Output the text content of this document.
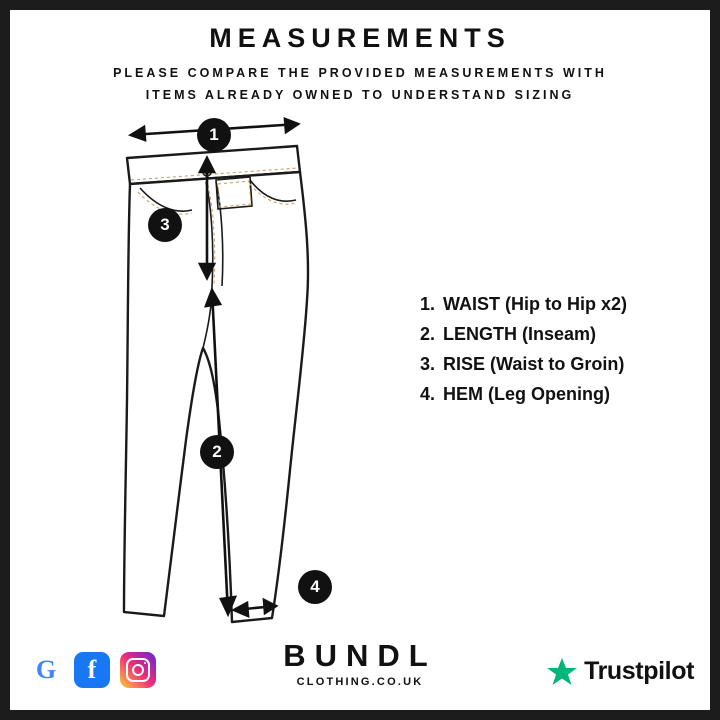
MEASUREMENTS
PLEASE COMPARE THE PROVIDED MEASUREMENTS WITH
ITEMS ALREADY OWNED TO UNDERSTAND SIZING
1
3
2
4
1. WAIST (Hip to Hip x2)
2. LENGTH (Inseam)
3. RISE (Waist to Groin)
4. HEM (Leg Opening)
G f	BUNDL
CLOTHING.CO.UK	Trustpilot
